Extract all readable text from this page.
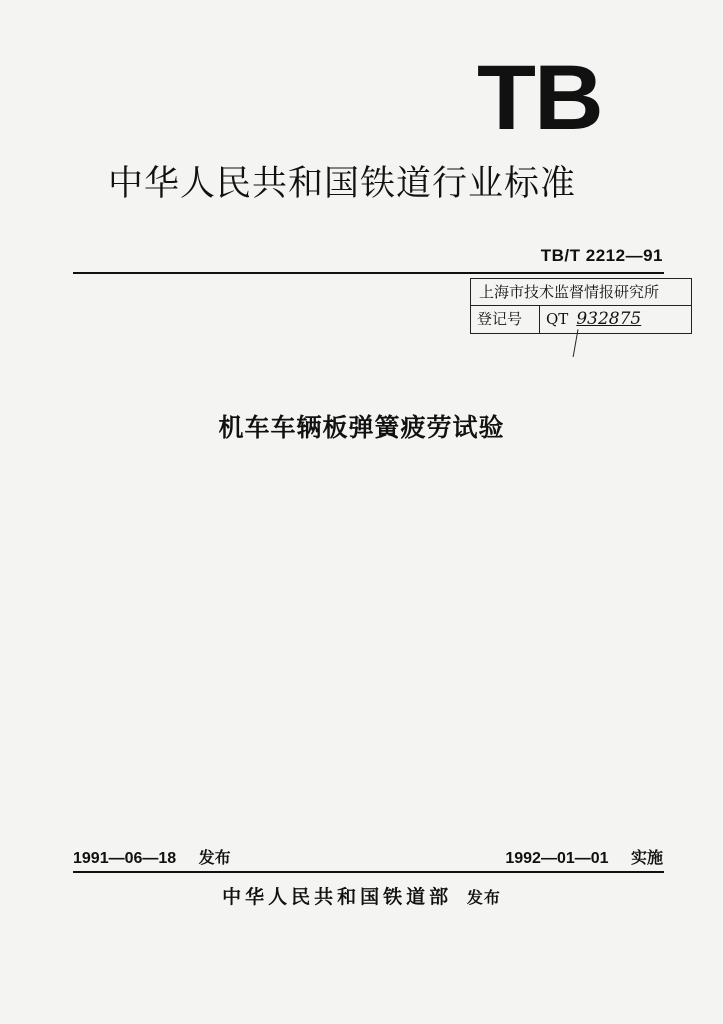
TB
中华人民共和国铁道行业标准
TB/T 2212—91
上海市技术监督情报研究所
登记号	QT 932875
机车车辆板弹簧疲劳试验
1991—06—18 发布	1992—01—01 实施
中华人民共和国铁道部 发布
